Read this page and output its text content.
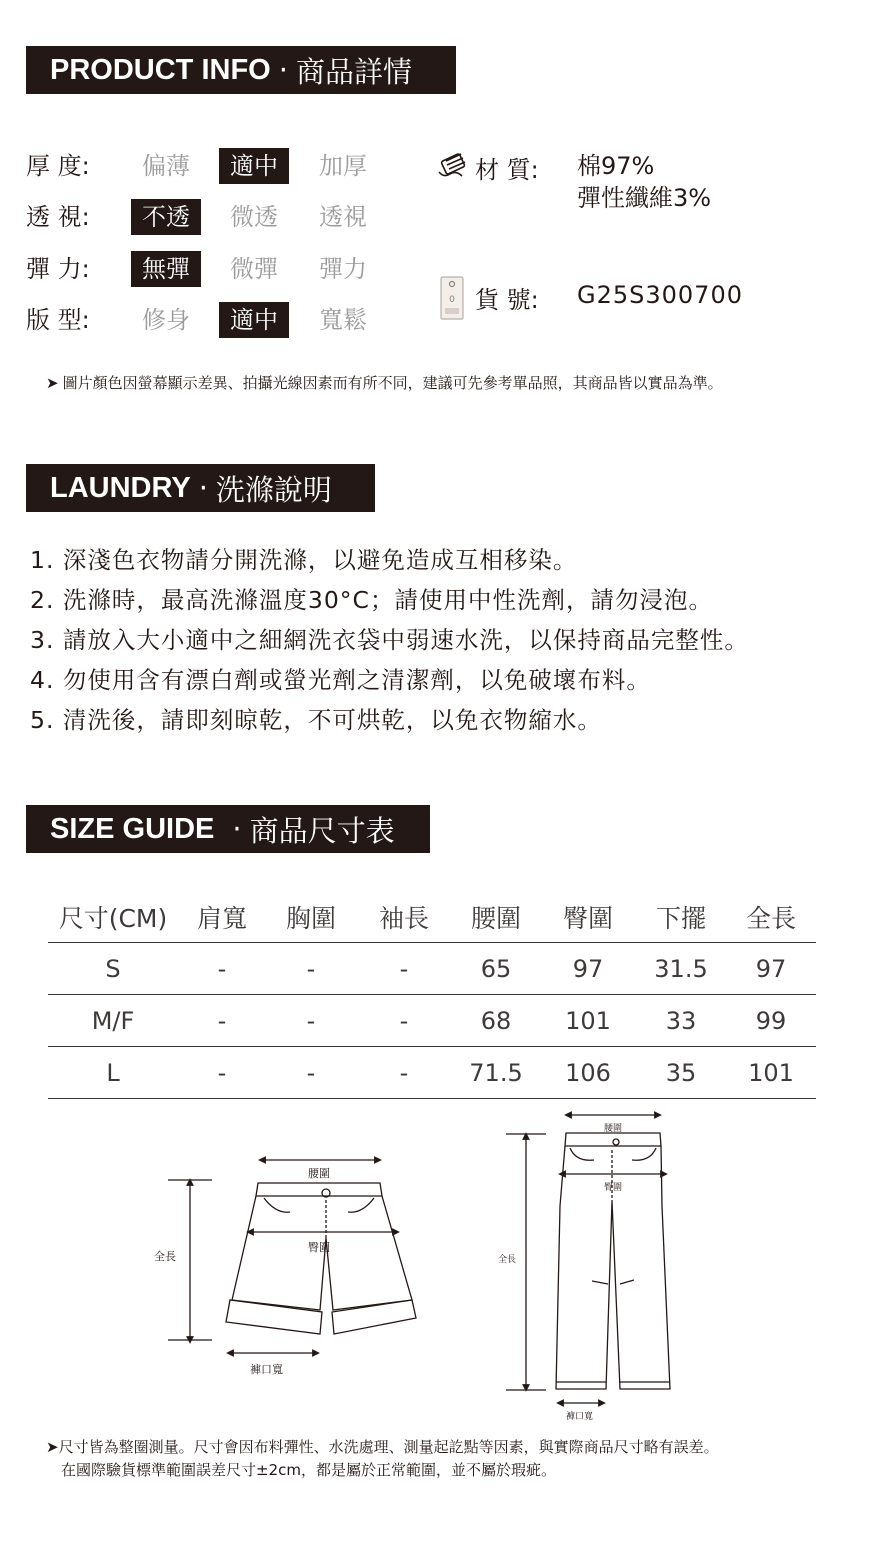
PRODUCT INFO · 商品詳情
厚 度:	偏薄	適中	加厚
透 視:	不透	微透	透視
彈 力:	無彈	微彈	彈力
版 型:	修身	適中	寬鬆
材 質: 棉97%
彈性纖維3%
0 貨 號: G25S300700
➤ 圖片顏色因螢幕顯示差異、拍攝光線因素而有所不同，建議可先參考單品照，其商品皆以實品為準。
LAUNDRY · 洗滌說明
1. 深淺色衣物請分開洗滌，以避免造成互相移染。
2. 洗滌時，最高洗滌溫度30°C；請使用中性洗劑，請勿浸泡。
3. 請放入大小適中之細網洗衣袋中弱速水洗，以保持商品完整性。
4. 勿使用含有漂白劑或螢光劑之清潔劑，以免破壞布料。
5. 清洗後，請即刻晾乾，不可烘乾，以免衣物縮水。
SIZE GUIDE · 商品尺寸表
尺寸(CM)	肩寬	胸圍	袖長	腰圍	臀圍	下擺	全長
S	-	-	-	65	97	31.5	97
M/F	-	-	-	68	101	33	99
L	-	-	-	71.5	106	35	101
腰圍
臀圍
全長
褲口寬
腰圍
臀圍
全長
褲口寬
➤尺寸皆為整圈測量。尺寸會因布料彈性、水洗處理、測量起訖點等因素，與實際商品尺寸略有誤差。
在國際驗貨標準範圍誤差尺寸±2cm，都是屬於正常範圍，並不屬於瑕疵。
